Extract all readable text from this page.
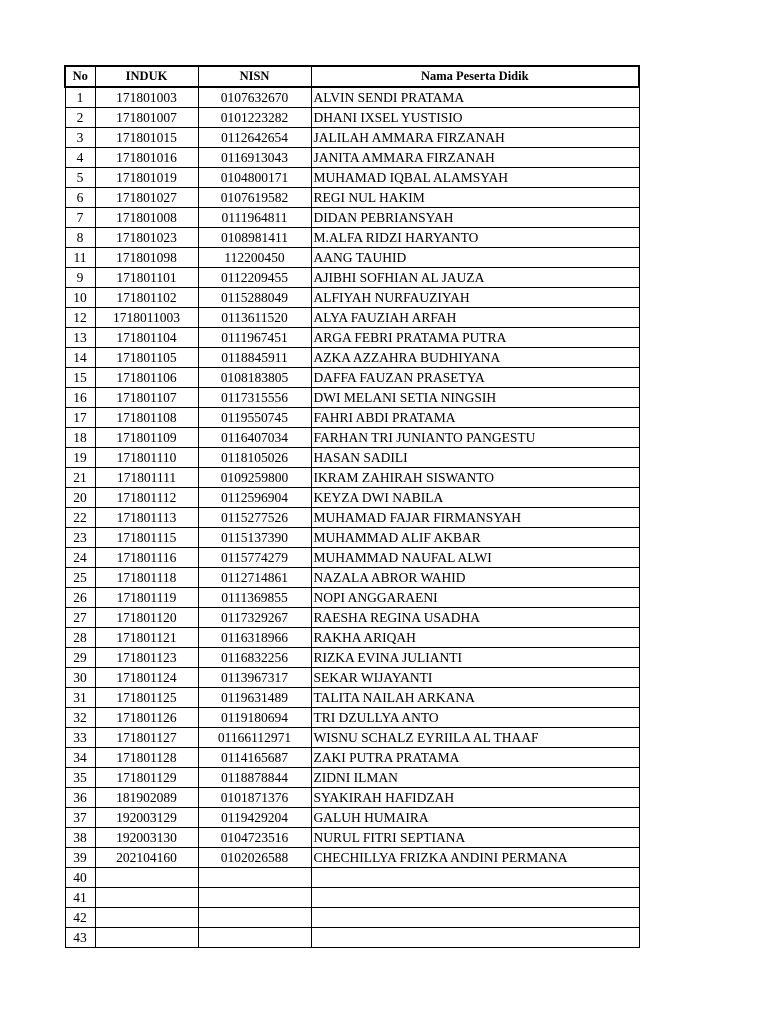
No	INDUK	NISN	Nama Peserta Didik
1	171801003	0107632670	ALVIN SENDI PRATAMA
2	171801007	0101223282	DHANI IXSEL YUSTISIO
3	171801015	0112642654	JALILAH AMMARA FIRZANAH
4	171801016	0116913043	JANITA AMMARA FIRZANAH
5	171801019	0104800171	MUHAMAD IQBAL ALAMSYAH
6	171801027	0107619582	REGI NUL HAKIM
7	171801008	0111964811	DIDAN PEBRIANSYAH
8	171801023	0108981411	M.ALFA RIDZI HARYANTO
11	171801098	112200450	AANG TAUHID
9	171801101	0112209455	AJIBHI SOFHIAN AL JAUZA
10	171801102	0115288049	ALFIYAH NURFAUZIYAH
12	1718011003	0113611520	ALYA FAUZIAH ARFAH
13	171801104	0111967451	ARGA FEBRI PRATAMA PUTRA
14	171801105	0118845911	AZKA AZZAHRA BUDHIYANA
15	171801106	0108183805	DAFFA FAUZAN PRASETYA
16	171801107	0117315556	DWI MELANI SETIA NINGSIH
17	171801108	0119550745	FAHRI ABDI PRATAMA
18	171801109	0116407034	FARHAN TRI JUNIANTO PANGESTU
19	171801110	0118105026	HASAN SADILI
21	171801111	0109259800	IKRAM ZAHIRAH SISWANTO
20	171801112	0112596904	KEYZA DWI NABILA
22	171801113	0115277526	MUHAMAD FAJAR FIRMANSYAH
23	171801115	0115137390	MUHAMMAD ALIF AKBAR
24	171801116	0115774279	MUHAMMAD NAUFAL ALWI
25	171801118	0112714861	NAZALA ABROR WAHID
26	171801119	0111369855	NOPI ANGGARAENI
27	171801120	0117329267	RAESHA REGINA USADHA
28	171801121	0116318966	RAKHA ARIQAH
29	171801123	0116832256	RIZKA EVINA JULIANTI
30	171801124	0113967317	SEKAR WIJAYANTI
31	171801125	0119631489	TALITA NAILAH ARKANA
32	171801126	0119180694	TRI DZULLYA ANTO
33	171801127	01166112971	WISNU SCHALZ EYRIILA AL THAAF
34	171801128	0114165687	ZAKI PUTRA PRATAMA
35	171801129	0118878844	ZIDNI ILMAN
36	181902089	0101871376	SYAKIRAH HAFIDZAH
37	192003129	0119429204	GALUH HUMAIRA
38	192003130	0104723516	NURUL FITRI SEPTIANA
39	202104160	0102026588	CHECHILLYA FRIZKA ANDINI PERMANA
40			
41			
42			
43			
